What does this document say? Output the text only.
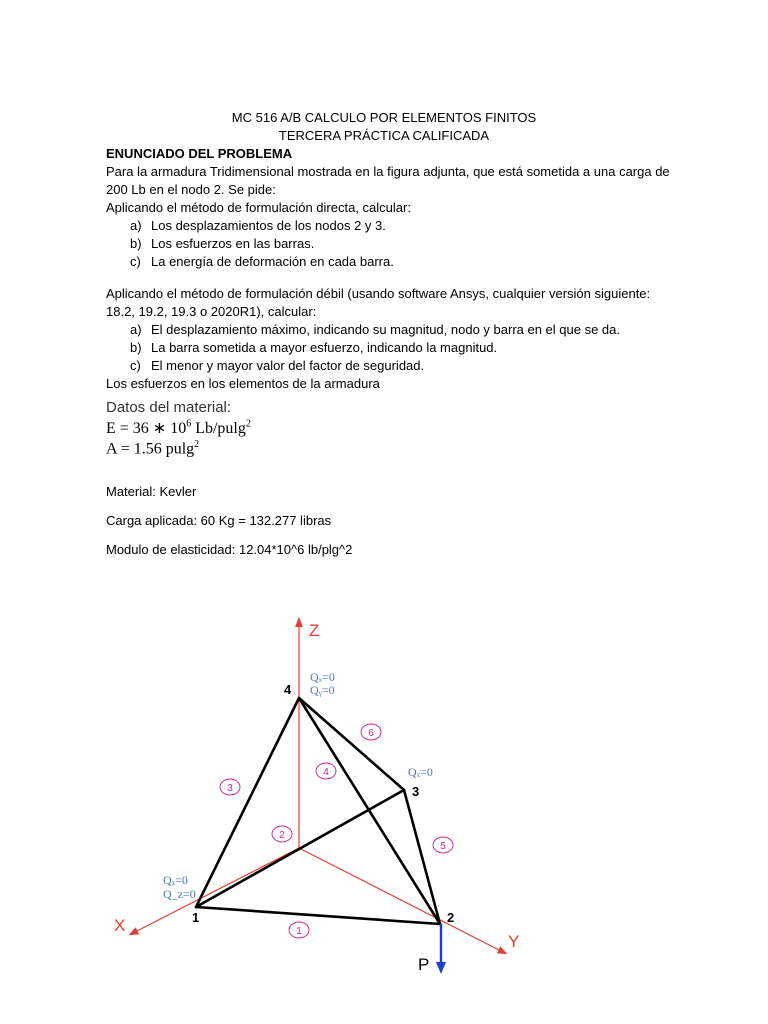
MC 516 A/B CALCULO POR ELEMENTOS FINITOS
TERCERA PRÁCTICA CALIFICADA
ENUNCIADO DEL PROBLEMA
Para la armadura Tridimensional mostrada en la figura adjunta, que está sometida a una carga de
200 Lb en el nodo 2. Se pide:
Aplicando el método de formulación directa, calcular:
a) Los desplazamientos de los nodos 2 y 3.
b) Los esfuerzos en las barras.
c) La energía de deformación en cada barra.
Aplicando el método de formulación débil (usando software Ansys, cualquier versión siguiente:
18.2, 19.2, 19.3 o 2020R1), calcular:
a) El desplazamiento máximo, indicando su magnitud, nodo y barra en el que se da.
b) La barra sometida a mayor esfuerzo, indicando la magnitud.
c) El menor y mayor valor del factor de seguridad.
Los esfuerzos en los elementos de la armadura
Datos del material:
E = 36 ∗ $10^6$ Lb/pulg$^2$
A = 1.56 pulg$^2$
Material: Kevler
Carga aplicada: 60 Kg = 132.277 libras
Modulo de elasticidad: 12.04*10^6 lb/plg^2
Z
X
Y
P
1	2
3
4
Qₓ=0
Qᵧ=0
Qₓ=0
Qₓ=0
Q_z=0
1
2
3
4
5
6
